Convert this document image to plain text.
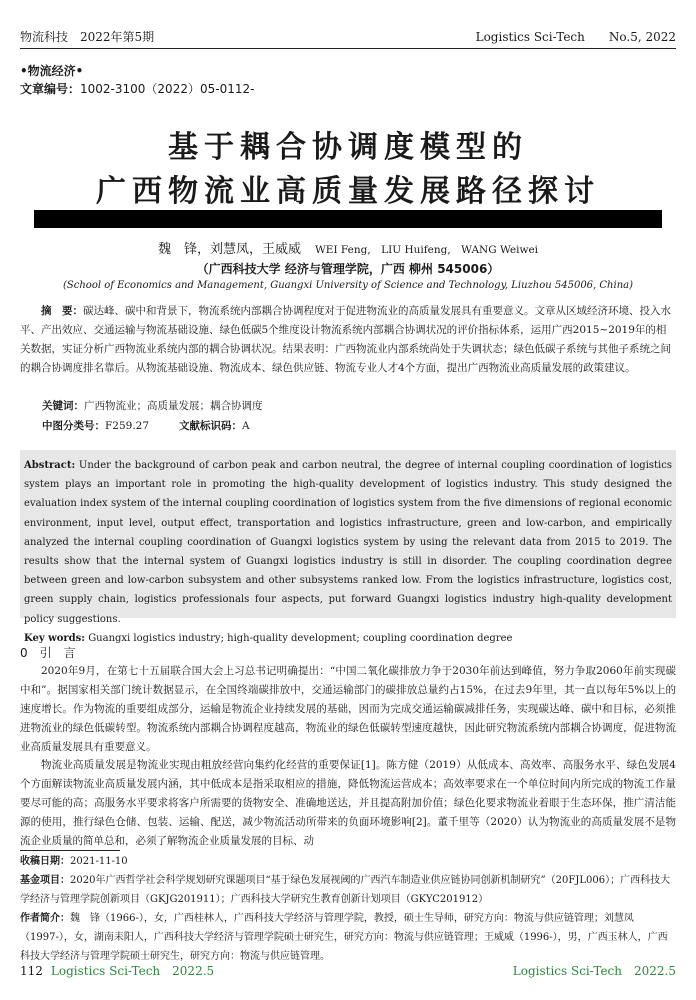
物流科技　2022年第5期	Logistics Sci-Tech　　No.5, 2022
•物流经济•
文章编号：1002-3100（2022）05-0112-
基于耦合协调度模型的
广西物流业高质量发展路径探讨
魏　锋，刘慧凤，王威威 WEI Feng,　LIU Huifeng,　WANG Weiwei
（广西科技大学 经济与管理学院，广西 柳州 545006）
(School of Economics and Management, Guangxi University of Science and Technology, Liuzhou 545006, China)
摘　要：碳达峰、碳中和背景下，物流系统内部耦合协调程度对于促进物流业的高质量发展具有重要意义。文章从区域经济环境、投入水平、产出效应、交通运输与物流基础设施、绿色低碳5个维度设计物流系统内部耦合协调状况的评价指标体系，运用广西2015~2019年的相关数据，实证分析广西物流业系统内部的耦合协调状况。结果表明：广西物流业内部系统尚处于失调状态；绿色低碳子系统与其他子系统之间的耦合协调度排名靠后。从物流基础设施、物流成本、绿色供应链、物流专业人才4个方面，提出广西物流业高质量发展的政策建议。
关键词：广西物流业；高质量发展；耦合协调度
中图分类号：F259.27	文献标识码：A
Abstract: Under the background of carbon peak and carbon neutral, the degree of internal coupling coordination of logistics system plays an important role in promoting the high-quality development of logistics industry. This study designed the evaluation index system of the internal coupling coordination of logistics system from the five dimensions of regional economic environment, input level, output effect, transportation and logistics infrastructure, green and low-carbon, and empirically analyzed the internal coupling coordination of Guangxi logistics system by using the relevant data from 2015 to 2019. The results show that the internal system of Guangxi logistics industry is still in disorder. The coupling coordination degree between green and low-carbon subsystem and other subsystems ranked low. From the logistics infrastructure, logistics cost, green supply chain, logistics professionals four aspects, put forward Guangxi logistics industry high-quality development policy suggestions.
Key words: Guangxi logistics industry; high-quality development; coupling coordination degree
0　引　言
2020年9月，在第七十五届联合国大会上习总书记明确提出：“中国二氧化碳排放力争于2030年前达到峰值，努力争取2060年前实现碳中和”。据国家相关部门统计数据显示，在全国终端碳排放中，交通运输部门的碳排放总量约占15%，在过去9年里，其一直以每年5%以上的速度增长。作为物流的重要组成部分，运输是物流企业持续发展的基础，因而为完成交通运输碳减排任务，实现碳达峰、碳中和目标，必须推进物流业的绿色低碳转型。物流系统内部耦合协调程度越高，物流业的绿色低碳转型速度越快，因此研究物流系统内部耦合协调度，促进物流业高质量发展具有重要意义。
物流业高质量发展是物流业实现由粗放经营向集约化经营的重要保证[1]。陈方健（2019）从低成本、高效率、高服务水平、绿色发展4个方面解读物流业高质量发展内涵，其中低成本是指采取相应的措施，降低物流运营成本；高效率要求在一个单位时间内所完成的物流工作量要尽可能的高；高服务水平要求将客户所需要的货物安全、准确地送达，并且提高附加价值；绿色化要求物流业着眼于生态环保，推广清洁能源的使用，推行绿色仓储、包装、运输、配送，减少物流活动所带来的负面环境影响[2]。董千里等（2020）认为物流业的高质量发展不是物流企业质量的简单总和，必须了解物流企业质量发展的目标、动
收稿日期：2021-11-10
基金项目：2020年广西哲学社会科学规划研究课题项目“基于绿色发展视阈的广西汽车制造业供应链协同创新机制研究”（20FJL006）；广西科技大学经济与管理学院创新项目（GKJG201911）；广西科技大学研究生教育创新计划项目（GKYC201912）
作者简介：魏　锋（1966-），女，广西桂林人，广西科技大学经济与管理学院，教授，硕士生导师，研究方向：物流与供应链管理；刘慧凤（1997-），女，湖南耒阳人，广西科技大学经济与管理学院硕士研究生，研究方向：物流与供应链管理；王威威（1996-），男，广西玉林人，广西科技大学经济与管理学院硕士研究生，研究方向：物流与供应链管理。
112 Logistics Sci-Tech　2022.5	Logistics Sci-Tech　2022.5
